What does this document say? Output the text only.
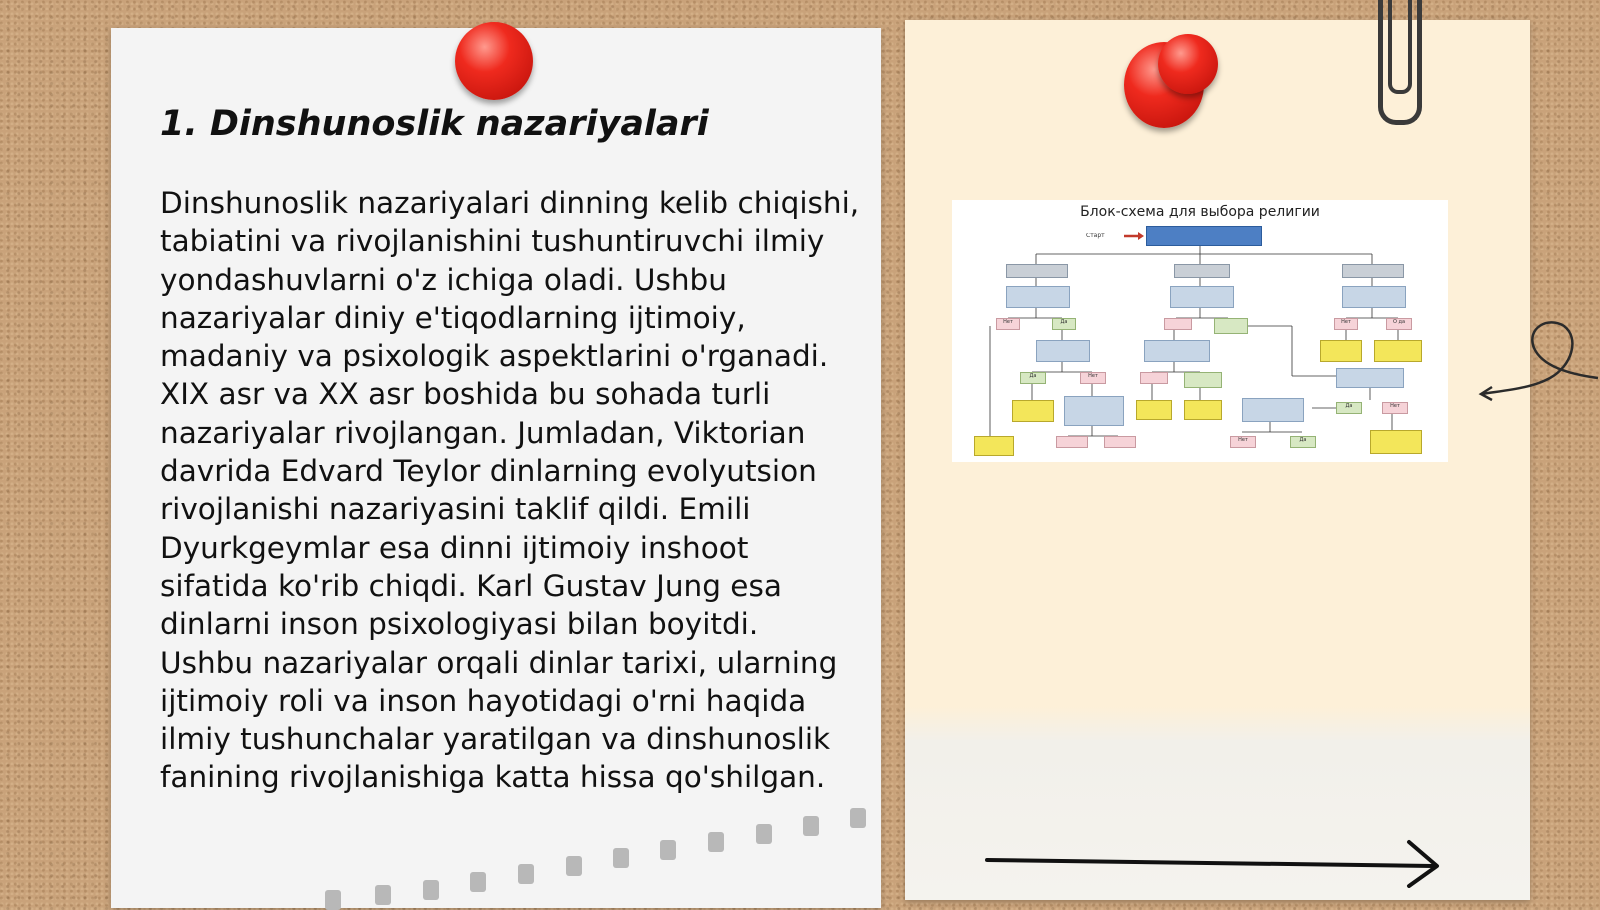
1. Dinshunoslik nazariyalari

Dinshunoslik nazariyalari dinning kelib chiqishi, tabiatini va rivojlanishini tushuntiruvchi ilmiy yondashuvlarni o'z ichiga oladi. Ushbu nazariyalar diniy e'tiqodlarning ijtimoiy, madaniy va psixologik aspektlarini o'rganadi. XIX asr va XX asr boshida bu sohada turli nazariyalar rivojlangan. Jumladan, Viktorian davrida Edvard Teylor dinlarning evolyutsion rivojlanishi nazariyasini taklif qildi. Emili Dyurkgeymlar esa dinni ijtimoiy inshoot sifatida ko'rib chiqdi. Karl Gustav Jung esa dinlarni inson psixologiyasi bilan boyitdi. Ushbu nazariyalar orqali dinlar tarixi, ularning ijtimoiy roli va inson hayotidagi o'rni haqida ilmiy tushunchalar yaratilgan va dinshunoslik fanining rivojlanishiga katta hissa qo'shilgan.

Блок-схема для выбора религии
Старт
Нет	Да	Нет	О да
Да	Нет
Да	Нет
Нет	Да
